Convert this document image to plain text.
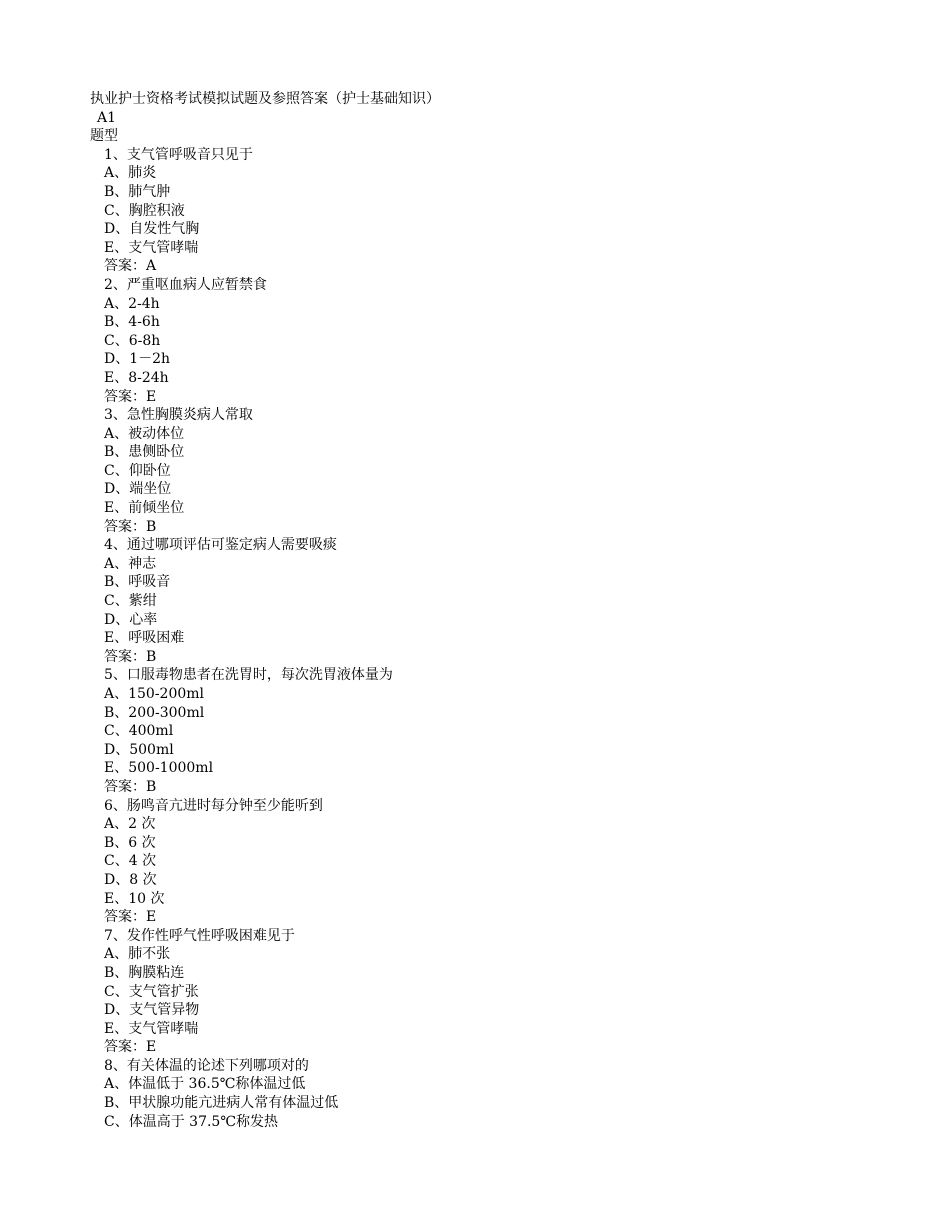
执业护士资格考试模拟试题及参照答案（护士基础知识）
A1
题型
1、支气管呼吸音只见于
A、肺炎
B、肺气肿
C、胸腔积液
D、自发性气胸
E、支气管哮喘
答案：A
2、严重呕血病人应暂禁食
A、2-4h
B、4-6h
C、6-8h
D、1－2h
E、8-24h
答案：E
3、急性胸膜炎病人常取
A、被动体位
B、患侧卧位
C、仰卧位
D、端坐位
E、前倾坐位
答案：B
4、通过哪项评估可鉴定病人需要吸痰
A、神志
B、呼吸音
C、紫绀
D、心率
E、呼吸困难
答案：B
5、口服毒物患者在洗胃时，每次洗胃液体量为
A、150-200ml
B、200-300ml
C、400ml
D、500ml
E、500-1000ml
答案：B
6、肠鸣音亢进时每分钟至少能听到
A、2 次
B、6 次
C、4 次
D、8 次
E、10 次
答案：E
7、发作性呼气性呼吸困难见于
A、肺不张
B、胸膜粘连
C、支气管扩张
D、支气管异物
E、支气管哮喘
答案：E
8、有关体温的论述下列哪项对的
A、体温低于 36.5℃称体温过低
B、甲状腺功能亢进病人常有体温过低
C、体温高于 37.5℃称发热
